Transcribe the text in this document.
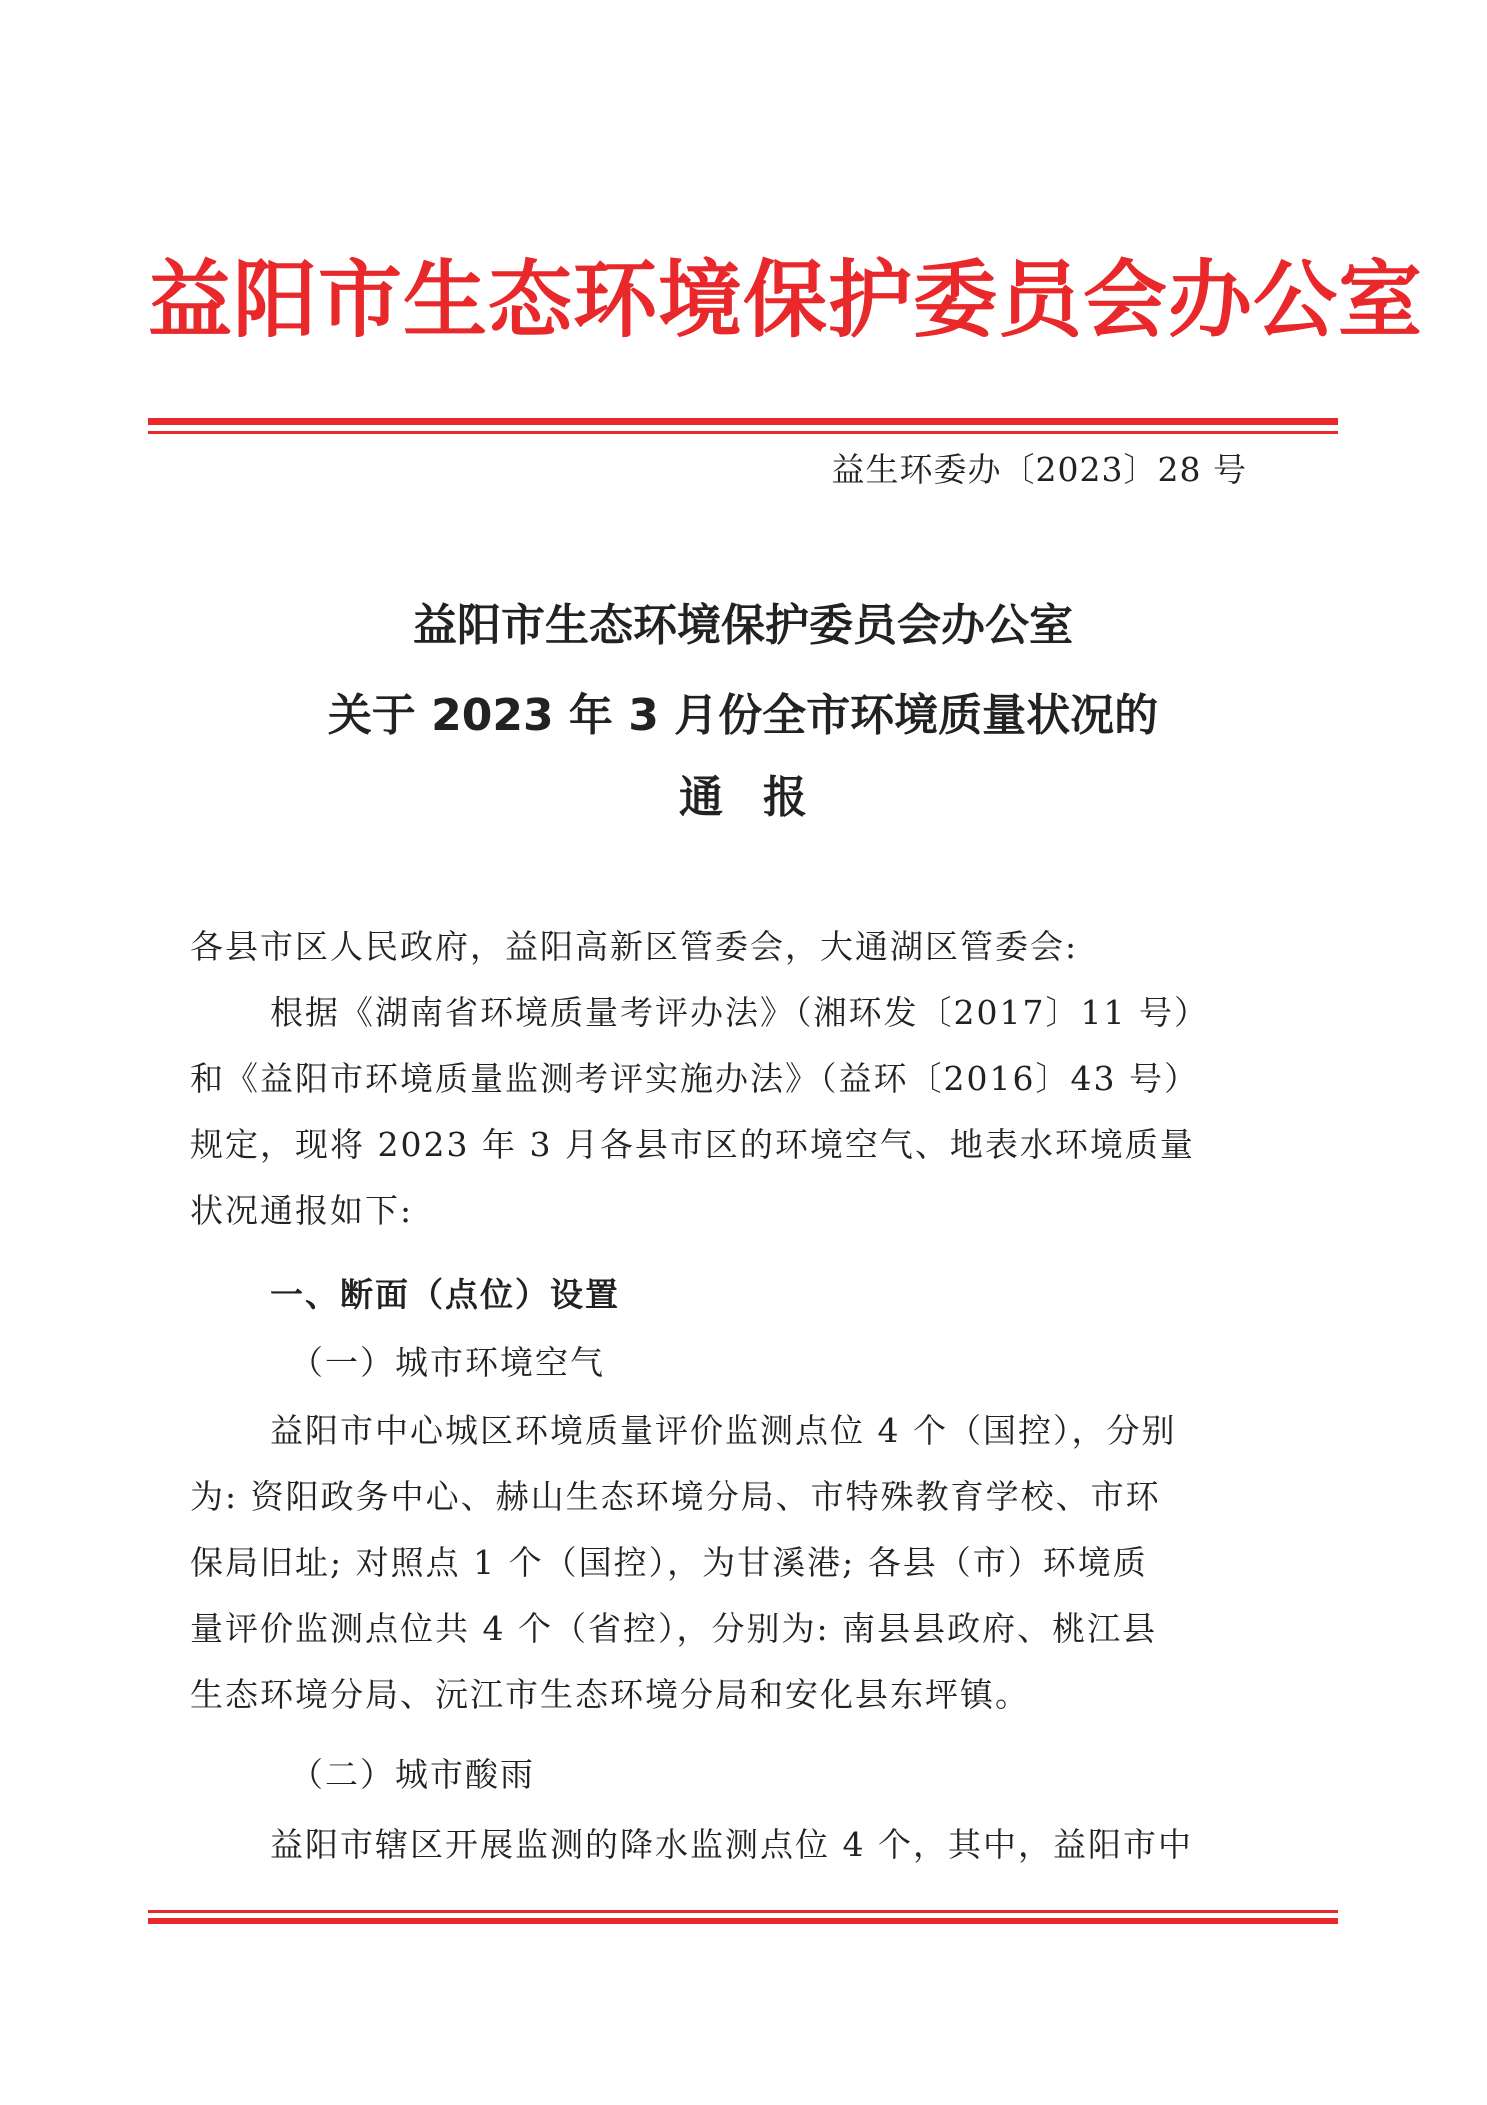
益阳市生态环境保护委员会办公室
益生环委办〔2023〕28 号
益阳市生态环境保护委员会办公室
关于 2023 年 3 月份全市环境质量状况的
通报
各县市区人民政府，益阳高新区管委会，大通湖区管委会:
根据《湖南省环境质量考评办法》（湘环发〔2017〕11 号）
和《益阳市环境质量监测考评实施办法》（益环〔2016〕43 号）
规定，现将 2023 年 3 月各县市区的环境空气、地表水环境质量
状况通报如下:
一、断面（点位）设置
（一）城市环境空气
益阳市中心城区环境质量评价监测点位 4 个（国控），分别
为: 资阳政务中心、赫山生态环境分局、市特殊教育学校、市环
保局旧址; 对照点 1 个（国控），为甘溪港; 各县（市）环境质
量评价监测点位共 4 个（省控），分别为: 南县县政府、桃江县
生态环境分局、沅江市生态环境分局和安化县东坪镇。
（二）城市酸雨
益阳市辖区开展监测的降水监测点位 4 个，其中，益阳市中
